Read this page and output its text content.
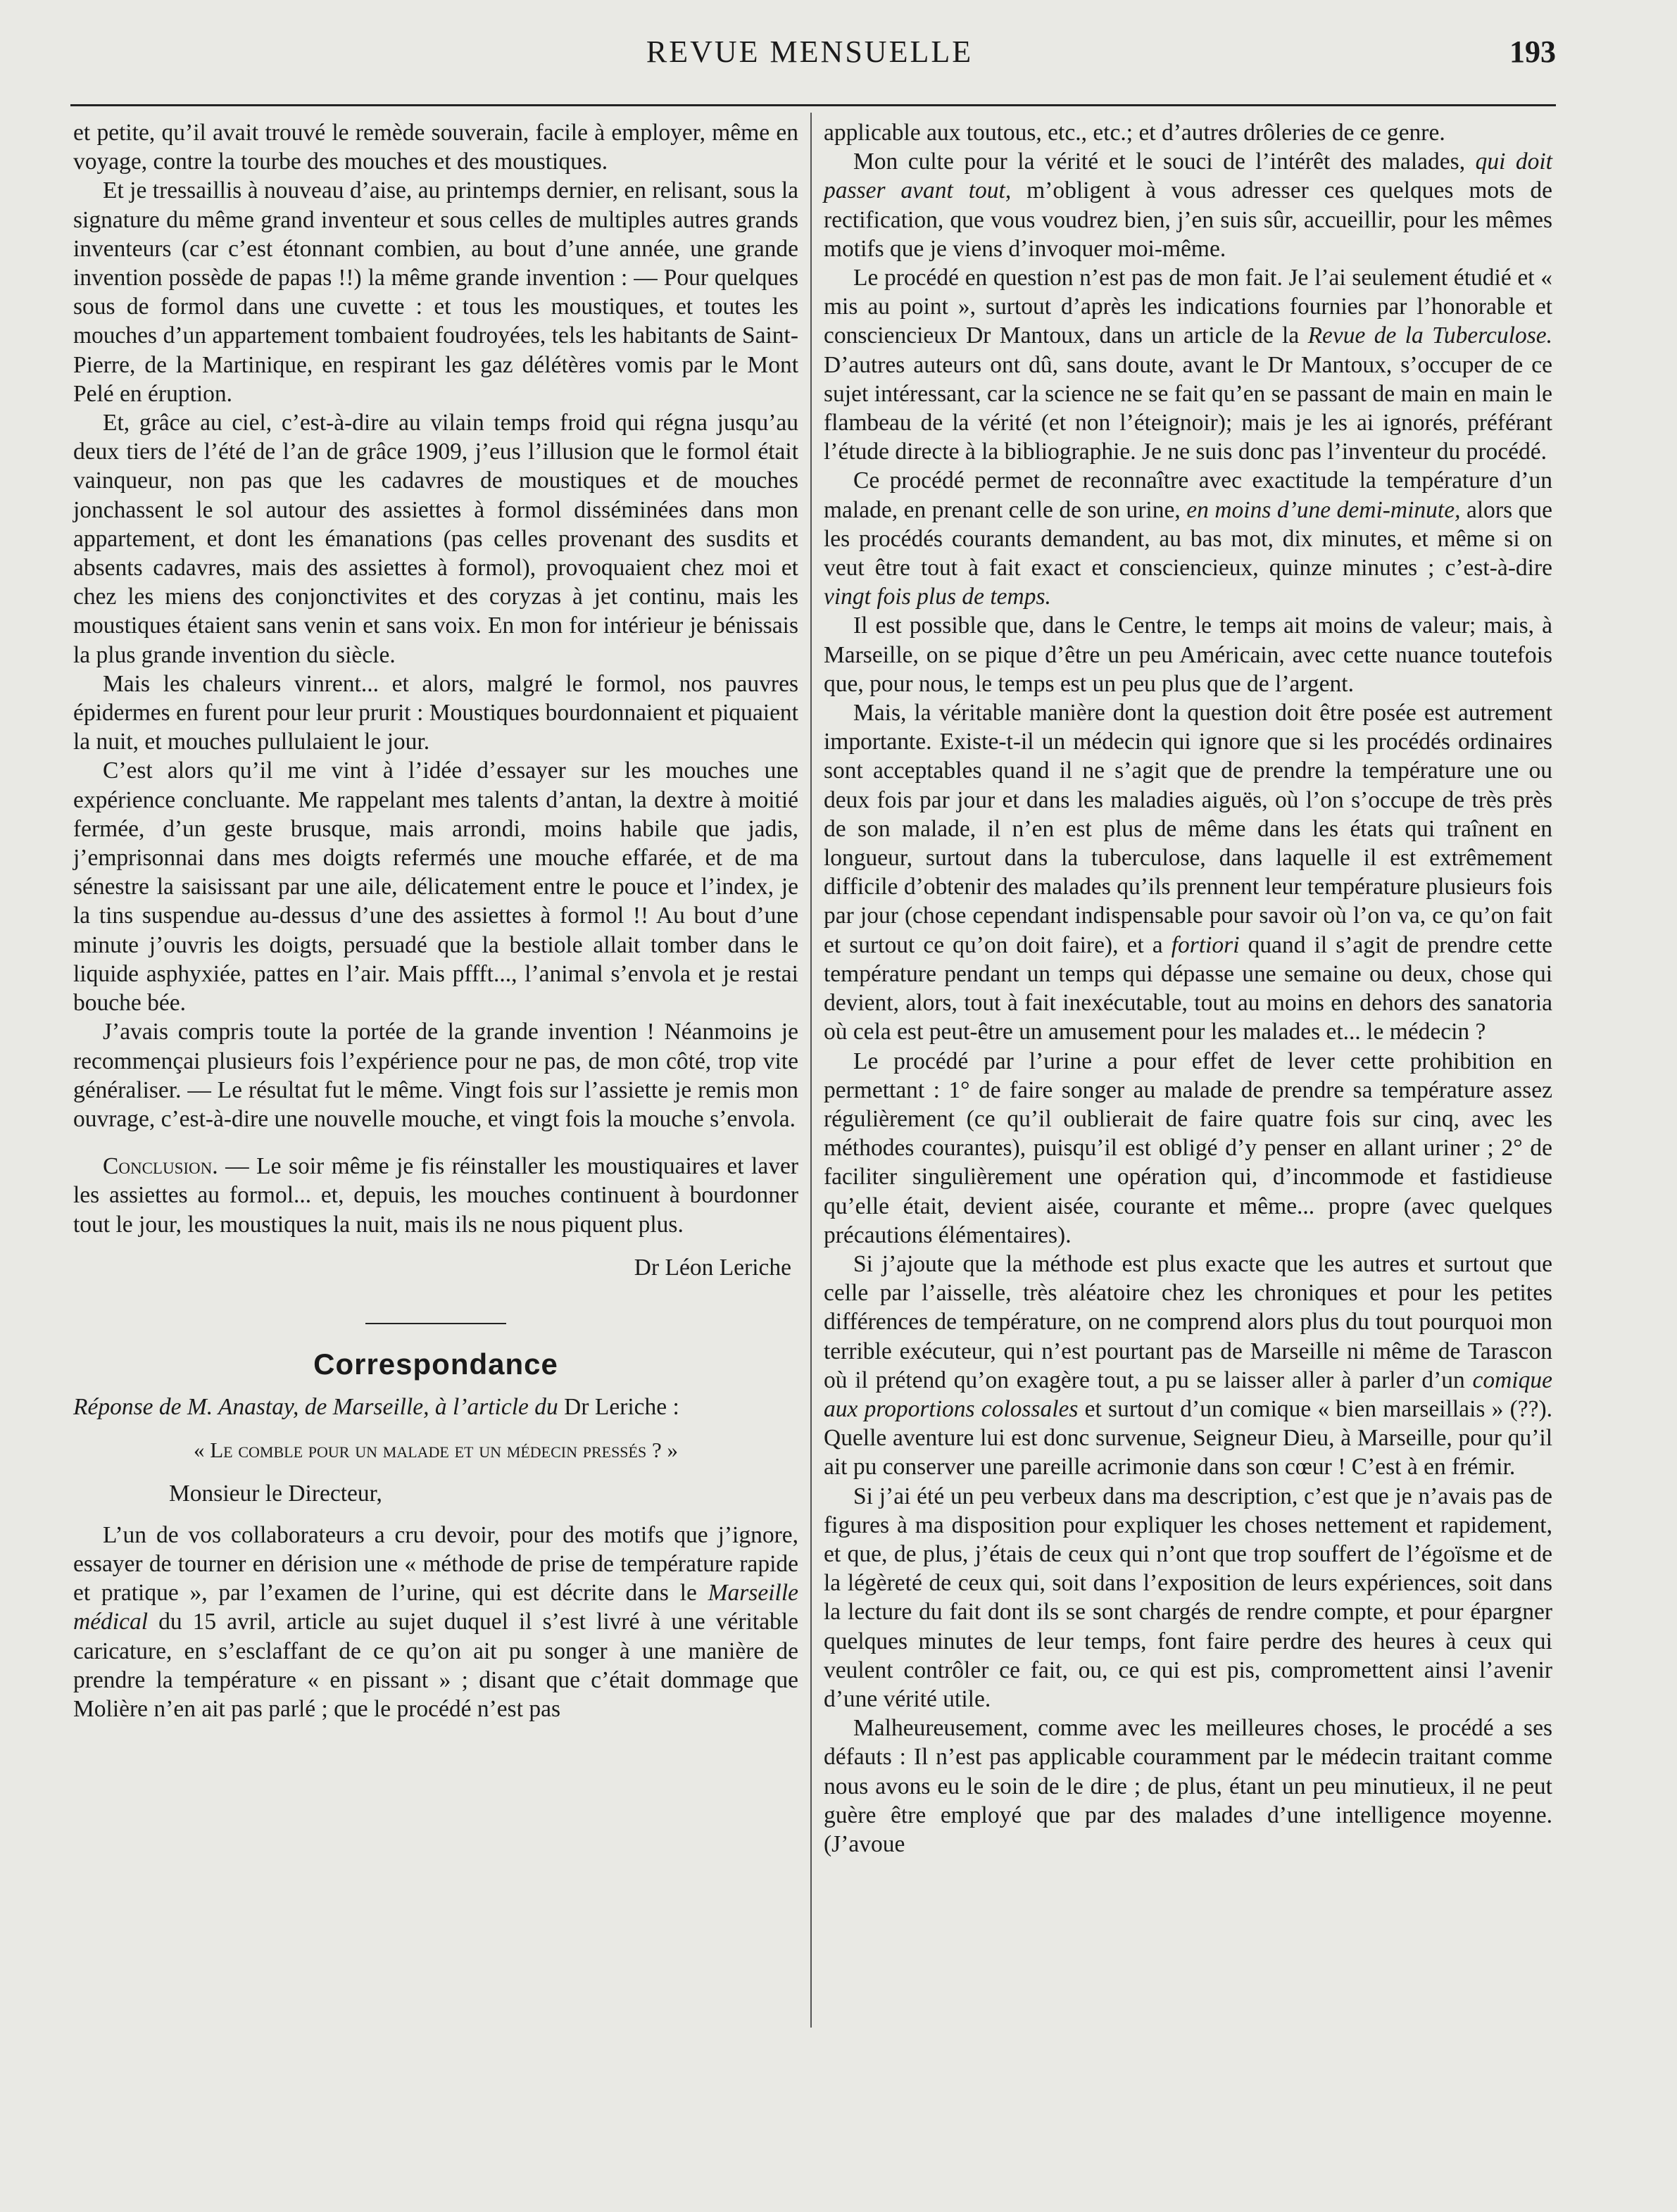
REVUE MENSUELLE	193

et petite, qu’il avait trouvé le remède souverain, facile à employer, même en voyage, contre la tourbe des mouches et des moustiques.

Et je tressaillis à nouveau d’aise, au printemps dernier, en relisant, sous la signature du même grand inventeur et sous celles de multiples autres grands inventeurs (car c’est étonnant combien, au bout d’une année, une grande invention possède de papas !!) la même grande invention : — Pour quelques sous de formol dans une cuvette : et tous les moustiques, et toutes les mouches d’un appartement tombaient foudroyées, tels les habitants de Saint-Pierre, de la Martinique, en respirant les gaz délétères vomis par le Mont Pelé en éruption.

Et, grâce au ciel, c’est-à-dire au vilain temps froid qui régna jusqu’au deux tiers de l’été de l’an de grâce 1909, j’eus l’illusion que le formol était vainqueur, non pas que les cadavres de moustiques et de mouches jonchassent le sol autour des assiettes à formol disséminées dans mon appartement, et dont les émanations (pas celles provenant des susdits et absents cadavres, mais des assiettes à formol), provoquaient chez moi et chez les miens des conjonctivites et des coryzas à jet continu, mais les moustiques étaient sans venin et sans voix. En mon for intérieur je bénissais la plus grande invention du siècle.

Mais les chaleurs vinrent... et alors, malgré le formol, nos pauvres épidermes en furent pour leur prurit : Moustiques bourdonnaient et piquaient la nuit, et mouches pullulaient le jour.

C’est alors qu’il me vint à l’idée d’essayer sur les mouches une expérience concluante. Me rappelant mes talents d’antan, la dextre à moitié fermée, d’un geste brusque, mais arrondi, moins habile que jadis, j’emprisonnai dans mes doigts refermés une mouche effarée, et de ma sénestre la saisissant par une aile, délicatement entre le pouce et l’index, je la tins suspendue au-dessus d’une des assiettes à formol !! Au bout d’une minute j’ouvris les doigts, persuadé que la bestiole allait tomber dans le liquide asphyxiée, pattes en l’air. Mais pffft..., l’animal s’envola et je restai bouche bée.

J’avais compris toute la portée de la grande invention ! Néanmoins je recommençai plusieurs fois l’expérience pour ne pas, de mon côté, trop vite généraliser. — Le résultat fut le même. Vingt fois sur l’assiette je remis mon ouvrage, c’est-à-dire une nouvelle mouche, et vingt fois la mouche s’envola.

Conclusion. — Le soir même je fis réinstaller les moustiquaires et laver les assiettes au formol... et, depuis, les mouches continuent à bourdonner tout le jour, les moustiques la nuit, mais ils ne nous piquent plus.

Dr Léon Leriche
Correspondance

Réponse de M. Anastay, de Marseille, à l’article du Dr Leriche :

« Le comble pour un malade et un médecin pressés ? »

Monsieur le Directeur,

L’un de vos collaborateurs a cru devoir, pour des motifs que j’ignore, essayer de tourner en dérision une « méthode de prise de température rapide et pratique », par l’examen de l’urine, qui est décrite dans le Marseille médical du 15 avril, article au sujet duquel il s’est livré à une véritable caricature, en s’esclaffant de ce qu’on ait pu songer à une manière de prendre la température « en pissant » ; disant que c’était dommage que Molière n’en ait pas parlé ; que le procédé n’est pas

applicable aux toutous, etc., etc.; et d’autres drôleries de ce genre.

Mon culte pour la vérité et le souci de l’intérêt des malades, qui doit passer avant tout, m’obligent à vous adresser ces quelques mots de rectification, que vous voudrez bien, j’en suis sûr, accueillir, pour les mêmes motifs que je viens d’invoquer moi-même.

Le procédé en question n’est pas de mon fait. Je l’ai seulement étudié et « mis au point », surtout d’après les indications fournies par l’honorable et consciencieux Dr Mantoux, dans un article de la Revue de la Tuberculose. D’autres auteurs ont dû, sans doute, avant le Dr Mantoux, s’occuper de ce sujet intéressant, car la science ne se fait qu’en se passant de main en main le flambeau de la vérité (et non l’éteignoir); mais je les ai ignorés, préférant l’étude directe à la bibliographie. Je ne suis donc pas l’inventeur du procédé.

Ce procédé permet de reconnaître avec exactitude la température d’un malade, en prenant celle de son urine, en moins d’une demi-minute, alors que les procédés courants demandent, au bas mot, dix minutes, et même si on veut être tout à fait exact et consciencieux, quinze minutes ; c’est-à-dire vingt fois plus de temps.

Il est possible que, dans le Centre, le temps ait moins de valeur; mais, à Marseille, on se pique d’être un peu Américain, avec cette nuance toutefois que, pour nous, le temps est un peu plus que de l’argent.

Mais, la véritable manière dont la question doit être posée est autrement importante. Existe-t-il un médecin qui ignore que si les procédés ordinaires sont acceptables quand il ne s’agit que de prendre la température une ou deux fois par jour et dans les maladies aiguës, où l’on s’occupe de très près de son malade, il n’en est plus de même dans les états qui traînent en longueur, surtout dans la tuberculose, dans laquelle il est extrêmement difficile d’obtenir des malades qu’ils prennent leur température plusieurs fois par jour (chose cependant indispensable pour savoir où l’on va, ce qu’on fait et surtout ce qu’on doit faire), et a fortiori quand il s’agit de prendre cette température pendant un temps qui dépasse une semaine ou deux, chose qui devient, alors, tout à fait inexécutable, tout au moins en dehors des sanatoria où cela est peut-être un amusement pour les malades et... le médecin ?

Le procédé par l’urine a pour effet de lever cette prohibition en permettant : 1° de faire songer au malade de prendre sa température assez régulièrement (ce qu’il oublierait de faire quatre fois sur cinq, avec les méthodes courantes), puisqu’il est obligé d’y penser en allant uriner ; 2° de faciliter singulièrement une opération qui, d’incommode et fastidieuse qu’elle était, devient aisée, courante et même... propre (avec quelques précautions élémentaires).

Si j’ajoute que la méthode est plus exacte que les autres et surtout que celle par l’aisselle, très aléatoire chez les chroniques et pour les petites différences de température, on ne comprend alors plus du tout pourquoi mon terrible exécuteur, qui n’est pourtant pas de Marseille ni même de Tarascon où il prétend qu’on exagère tout, a pu se laisser aller à parler d’un comique aux proportions colossales et surtout d’un comique « bien marseillais » (??). Quelle aventure lui est donc survenue, Seigneur Dieu, à Marseille, pour qu’il ait pu conserver une pareille acrimonie dans son cœur ! C’est à en frémir.

Si j’ai été un peu verbeux dans ma description, c’est que je n’avais pas de figures à ma disposition pour expliquer les choses nettement et rapidement, et que, de plus, j’étais de ceux qui n’ont que trop souffert de l’égoïsme et de la légèreté de ceux qui, soit dans l’exposition de leurs expériences, soit dans la lecture du fait dont ils se sont chargés de rendre compte, et pour épargner quelques minutes de leur temps, font faire perdre des heures à ceux qui veulent contrôler ce fait, ou, ce qui est pis, compromettent ainsi l’avenir d’une vérité utile.

Malheureusement, comme avec les meilleures choses, le procédé a ses défauts : Il n’est pas applicable couramment par le médecin traitant comme nous avons eu le soin de le dire ; de plus, étant un peu minutieux, il ne peut guère être employé que par des malades d’une intelligence moyenne. (J’avoue
